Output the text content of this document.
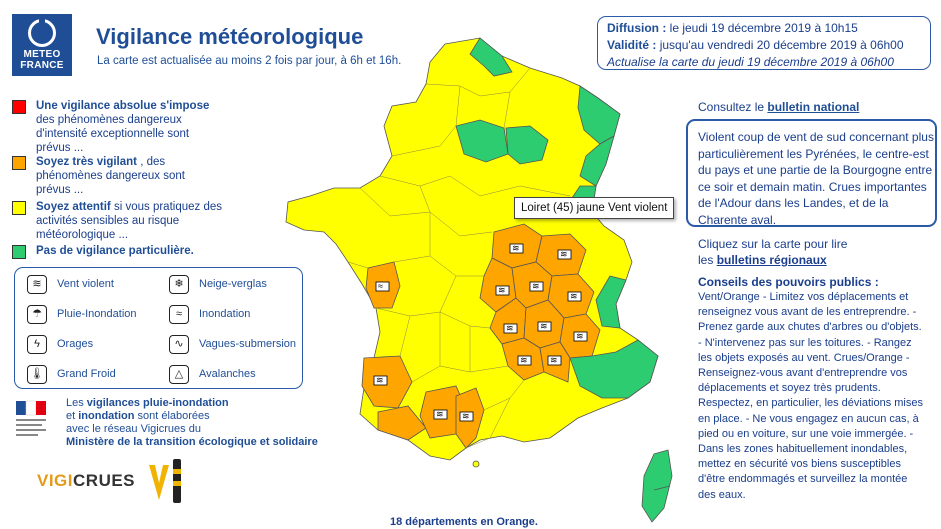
METEO
FRANCE
Vigilance météorologique
La carte est actualisée au moins 2 fois par jour, à 6h et 16h.
Diffusion : le jeudi 19 décembre 2019 à 10h15
Validité : jusqu'au vendredi 20 décembre 2019 à 06h00
Actualise la carte du jeudi 19 décembre 2019 à 06h00
Une vigilance absolue s'impose
des phénomènes dangereux d'intensité exceptionnelle sont prévus ...
Soyez très vigilant , des phénomènes dangereux sont prévus ...
Soyez attentif si vous pratiquez des activités sensibles au risque météorologique ...
Pas de vigilance particulière.
≋	Vent violent	❄	Neige-verglas
☂	Pluie-Inondation	≈	Inondation
ϟ	Orages	∿	Vagues-submersion
🌡 Grand Froid	△	Avalanches
Les vigilances pluie-inondation
et inondation sont élaborées
avec le réseau Vigicrues du
Ministère de la transition écologique et solidaire
VIGICRUES
Consultez le bulletin national
Violent coup de vent de sud concernant plus particulièrement les Pyrénées, le centre-est du pays et une partie de la Bourgogne entre ce soir et demain matin. Crues importantes de l'Adour dans les Landes, et de la Charente aval.
Cliquez sur la carte pour lire
les bulletins régionaux
Conseils des pouvoirs publics :
Vent/Orange - Limitez vos déplacements et renseignez vous avant de les entreprendre. - Prenez garde aux chutes d'arbres ou d'objets. - N'intervenez pas sur les toitures. - Rangez les objets exposés au vent. Crues/Orange - Renseignez-vous avant d'entreprendre vos déplacements et soyez très prudents. Respectez, en particulier, les déviations mises en place. - Ne vous engagez en aucun cas, à pied ou en voiture, sur une voie immergée. - Dans les zones habituellement inondables, mettez en sécurité vos biens susceptibles d'être endommagés et surveillez la montée des eaux.
≋
≋
≋	≋
≋
≋	≋
≋
≋ ≋
≋
≋ ≋
≈
Loiret (45) jaune Vent violent
18 départements en Orange.
